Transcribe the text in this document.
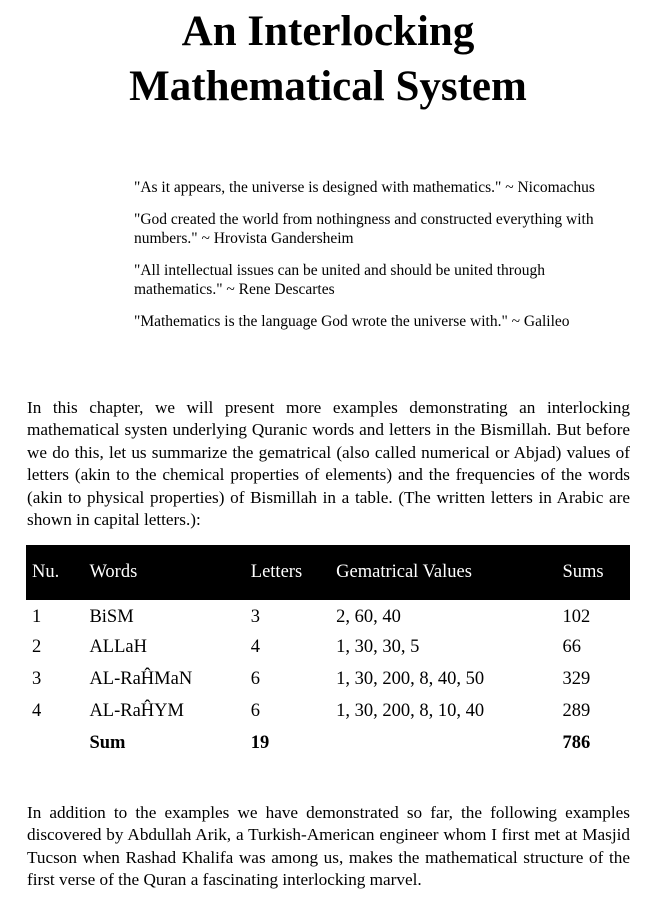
An Interlocking
Mathematical System

"As it appears, the universe is designed with mathematics." ~ Nicomachus

"God created the world from nothingness and constructed everything with numbers." ~ Hrovista Gandersheim

"All intellectual issues can be united and should be united through mathematics." ~ Rene Descartes

"Mathematics is the language God wrote the universe with." ~ Galileo

In this chapter, we will present more examples demonstrating an interlocking mathematical systen underlying Quranic words and letters in the Bismillah. But before we do this, let us summarize the gematrical (also called numerical or Abjad) values of letters (akin to the chemical properties of elements) and the frequencies of the words (akin to physical properties) of Bismillah in a table. (The written letters in Arabic are shown in capital letters.):

Nu.	Words	Letters	Gematrical Values	Sums
1	BiSM	3	2, 60, 40	102
2	ALLaH	4	1, 30, 30, 5	66
3	AL-RaĤMaN	6	1, 30, 200, 8, 40, 50	329
4	AL-RaĤYM	6	1, 30, 200, 8, 10, 40	289
	Sum	19		786

In addition to the examples we have demonstrated so far, the following examples discovered by Abdullah Arik, a Turkish-American engineer whom I first met at Masjid Tucson when Rashad Khalifa was among us, makes the mathematical structure of the first verse of the Quran a fascinating interlocking marvel.
